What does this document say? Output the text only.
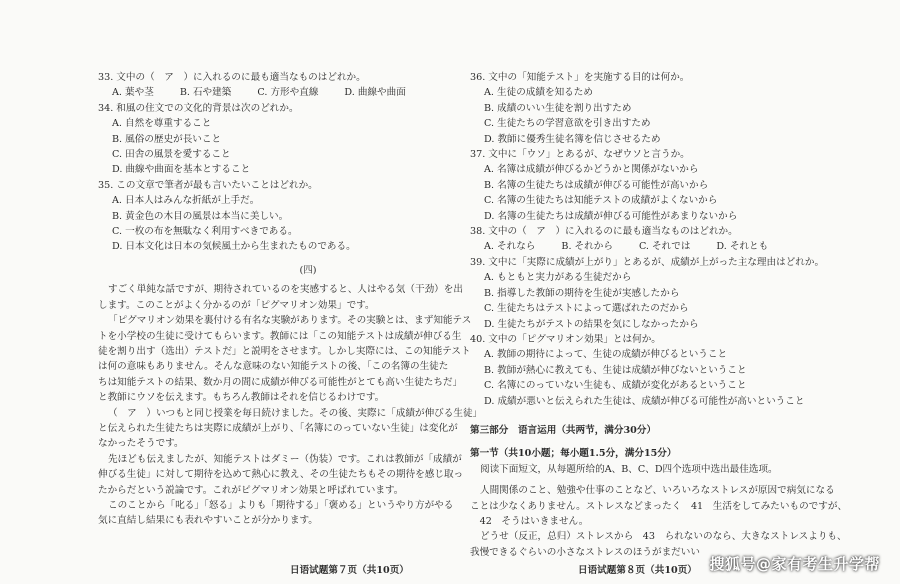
33. 文中の（　ア　）に入れるのに最も適当なものはどれか。
A. 葉や茎	B. 石や建築	C. 方形や直線	D. 曲線や曲面
34. 和風の住文での文化的背景は次のどれか。
A. 自然を尊重すること
B. 風俗の歴史が長いこと
C. 田舎の風景を愛すること
D. 曲線や曲面を基本とすること
35. この文章で筆者が最も言いたいことはどれか。
A. 日本人はみんな折紙が上手だ。
B. 黄金色の木目の風景は本当に美しい。
C. 一枚の布を無駄なく利用すべきである。
D. 日本文化は日本の気候風土から生まれたものである。
(四)
すごく単純な話ですが、期待されているのを実感すると、人はやる気（干劲）を出
します。このことがよく分かるのが「ピグマリオン効果」です。
「ピグマリオン効果を裏付ける有名な実験があります。その実験とは、まず知能テス
トを小学校の生徒に受けてもらいます。教師には「この知能テストは成績が伸びる生
徒を割り出す（选出）テストだ」と説明をさせます。しかし実際には、この知能テスト
は何の意味もありません。そんな意味のない知能テストの後、「この名簿の生徒た
ちは知能テストの結果、数か月の間に成績が伸びる可能性がとても高い生徒たちだ」
と教師にウソを伝えます。もちろん教師はそれを信じるわけです。
（　ア　）いつもと同じ授業を毎日続けました。その後、実際に「成績が伸びる生徒」
と伝えられた生徒たちは実際に成績が上がり、「名簿にのっていない生徒」は変化が
なかったそうです。
先ほども伝えましたが、知能テストはダミー（伪装）です。これは教師が「成績が
伸びる生徒」に対して期待を込めて熱心に教え、その生徒たちもその期待を感じ取っ
たからだという説論です。これがピグマリオン効果と呼ばれています。
このことから「叱る」「怒る」よりも「期待する」「褒める」というやり方がやる
気に直結し結果にも表れやすいことが分かります。
36. 文中の「知能テスト」を実施する目的は何か。
A. 生徒の成績を知るため
B. 成績のいい生徒を割り出すため
C. 生徒たちの学習意欲を引き出すため
D. 教師に優秀生徒名簿を信じさせるため
37. 文中に「ウソ」とあるが、なぜウソと言うか。
A. 名簿は成績が伸びるかどうかと関係がないから
B. 名簿の生徒たちは成績が伸びる可能性が高いから
C. 名簿の生徒たちは知能テストの成績がよくないから
D. 名簿の生徒たちは成績が伸びる可能性があまりないから
38. 文中の（　ア　）に入れるのに最も適当なものはどれか。
A. それなら	B. それから	C. それでは	D. それとも
39. 文中に「実際に成績が上がり」とあるが、成績が上がった主な理由はどれか。
A. もともと実力がある生徒だから
B. 指導した教師の期待を生徒が実感したから
C. 生徒たちはテストによって選ばれたのだから
D. 生徒たちがテストの結果を気にしなかったから
40. 文中の「ピグマリオン効果」とは何か。
A. 教師の期待によって、生徒の成績が伸びるということ
B. 教師が熱心に教えても、生徒は成績が伸びないということ
C. 名簿にのっていない生徒も、成績が変化があるということ
D. 成績が悪いと伝えられた生徒は、成績が伸びる可能性が高いということ
第三部分　语言运用（共两节，满分30分）
第一节（共10小题；每小题1.5分，满分15分）
阅读下面短文，从每题所给的A、B、C、D四个选项中选出最佳选项。
人間関係のこと、勉強や仕事のことなど、いろいろなストレスが原因で病気になる
ことは少なくありません。ストレスなどまったく　41　生活をしてみたいものですが、
　42　そうはいきません。
どうせ（反正，总归）ストレスから　43　られないのなら、大きなストレスよりも、
我慢できるぐらいの小さなストレスのほうがまだいい
日语试题第７页（共10页）	日语试题第８页（共10页） 搜狐号@家有考生升学帮
